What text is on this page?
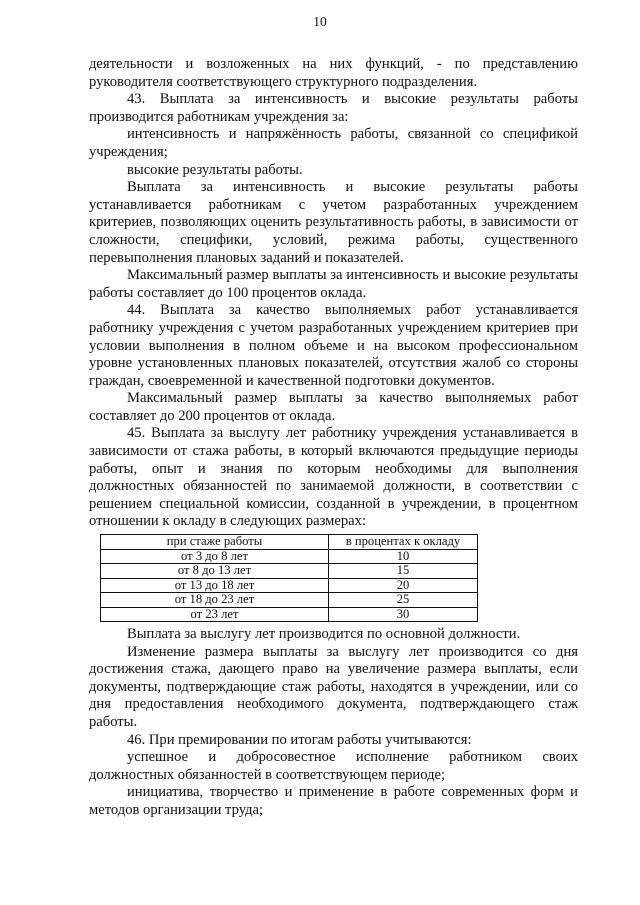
10

деятельности и возложенных на них функций, - по представлению руководителя соответствующего структурного подразделения.

43. Выплата за интенсивность и высокие результаты работы производится работникам учреждения за:

интенсивность и напряжённость работы, связанной со спецификой учреждения;

высокие результаты работы.

Выплата за интенсивность и высокие результаты работы устанавливается работникам с учетом разработанных учреждением критериев, позволяющих оценить результативность работы, в зависимости от сложности, специфики, условий, режима работы, существенного перевыполнения плановых заданий и показателей.

Максимальный размер выплаты за интенсивность и высокие результаты работы составляет до 100 процентов оклада.

44. Выплата за качество выполняемых работ устанавливается работнику учреждения с учетом разработанных учреждением критериев при условии выполнения в полном объеме и на высоком профессиональном уровне установленных плановых показателей, отсутствия жалоб со стороны граждан, своевременной и качественной подготовки документов.

Максимальный размер выплаты за качество выполняемых работ составляет до 200 процентов от оклада.

45. Выплата за выслугу лет работнику учреждения устанавливается в зависимости от стажа работы, в который включаются предыдущие периоды работы, опыт и знания по которым необходимы для выполнения должностных обязанностей по занимаемой должности, в соответствии с решением специальной комиссии, созданной в учреждении, в процентном отношении к окладу в следующих размерах:

при стаже работы	в процентах к окладу
от 3 до 8 лет	10
от 8 до 13 лет	15
от 13 до 18 лет	20
от 18 до 23 лет	25
от 23 лет	30

Выплата за выслугу лет производится по основной должности.

Изменение размера выплаты за выслугу лет производится со дня достижения стажа, дающего право на увеличение размера выплаты, если документы, подтверждающие стаж работы, находятся в учреждении, или со дня предоставления необходимого документа, подтверждающего стаж работы.

46. При премировании по итогам работы учитываются:

успешное и добросовестное исполнение работником своих должностных обязанностей в соответствующем периоде;

инициатива, творчество и применение в работе современных форм и методов организации труда;
